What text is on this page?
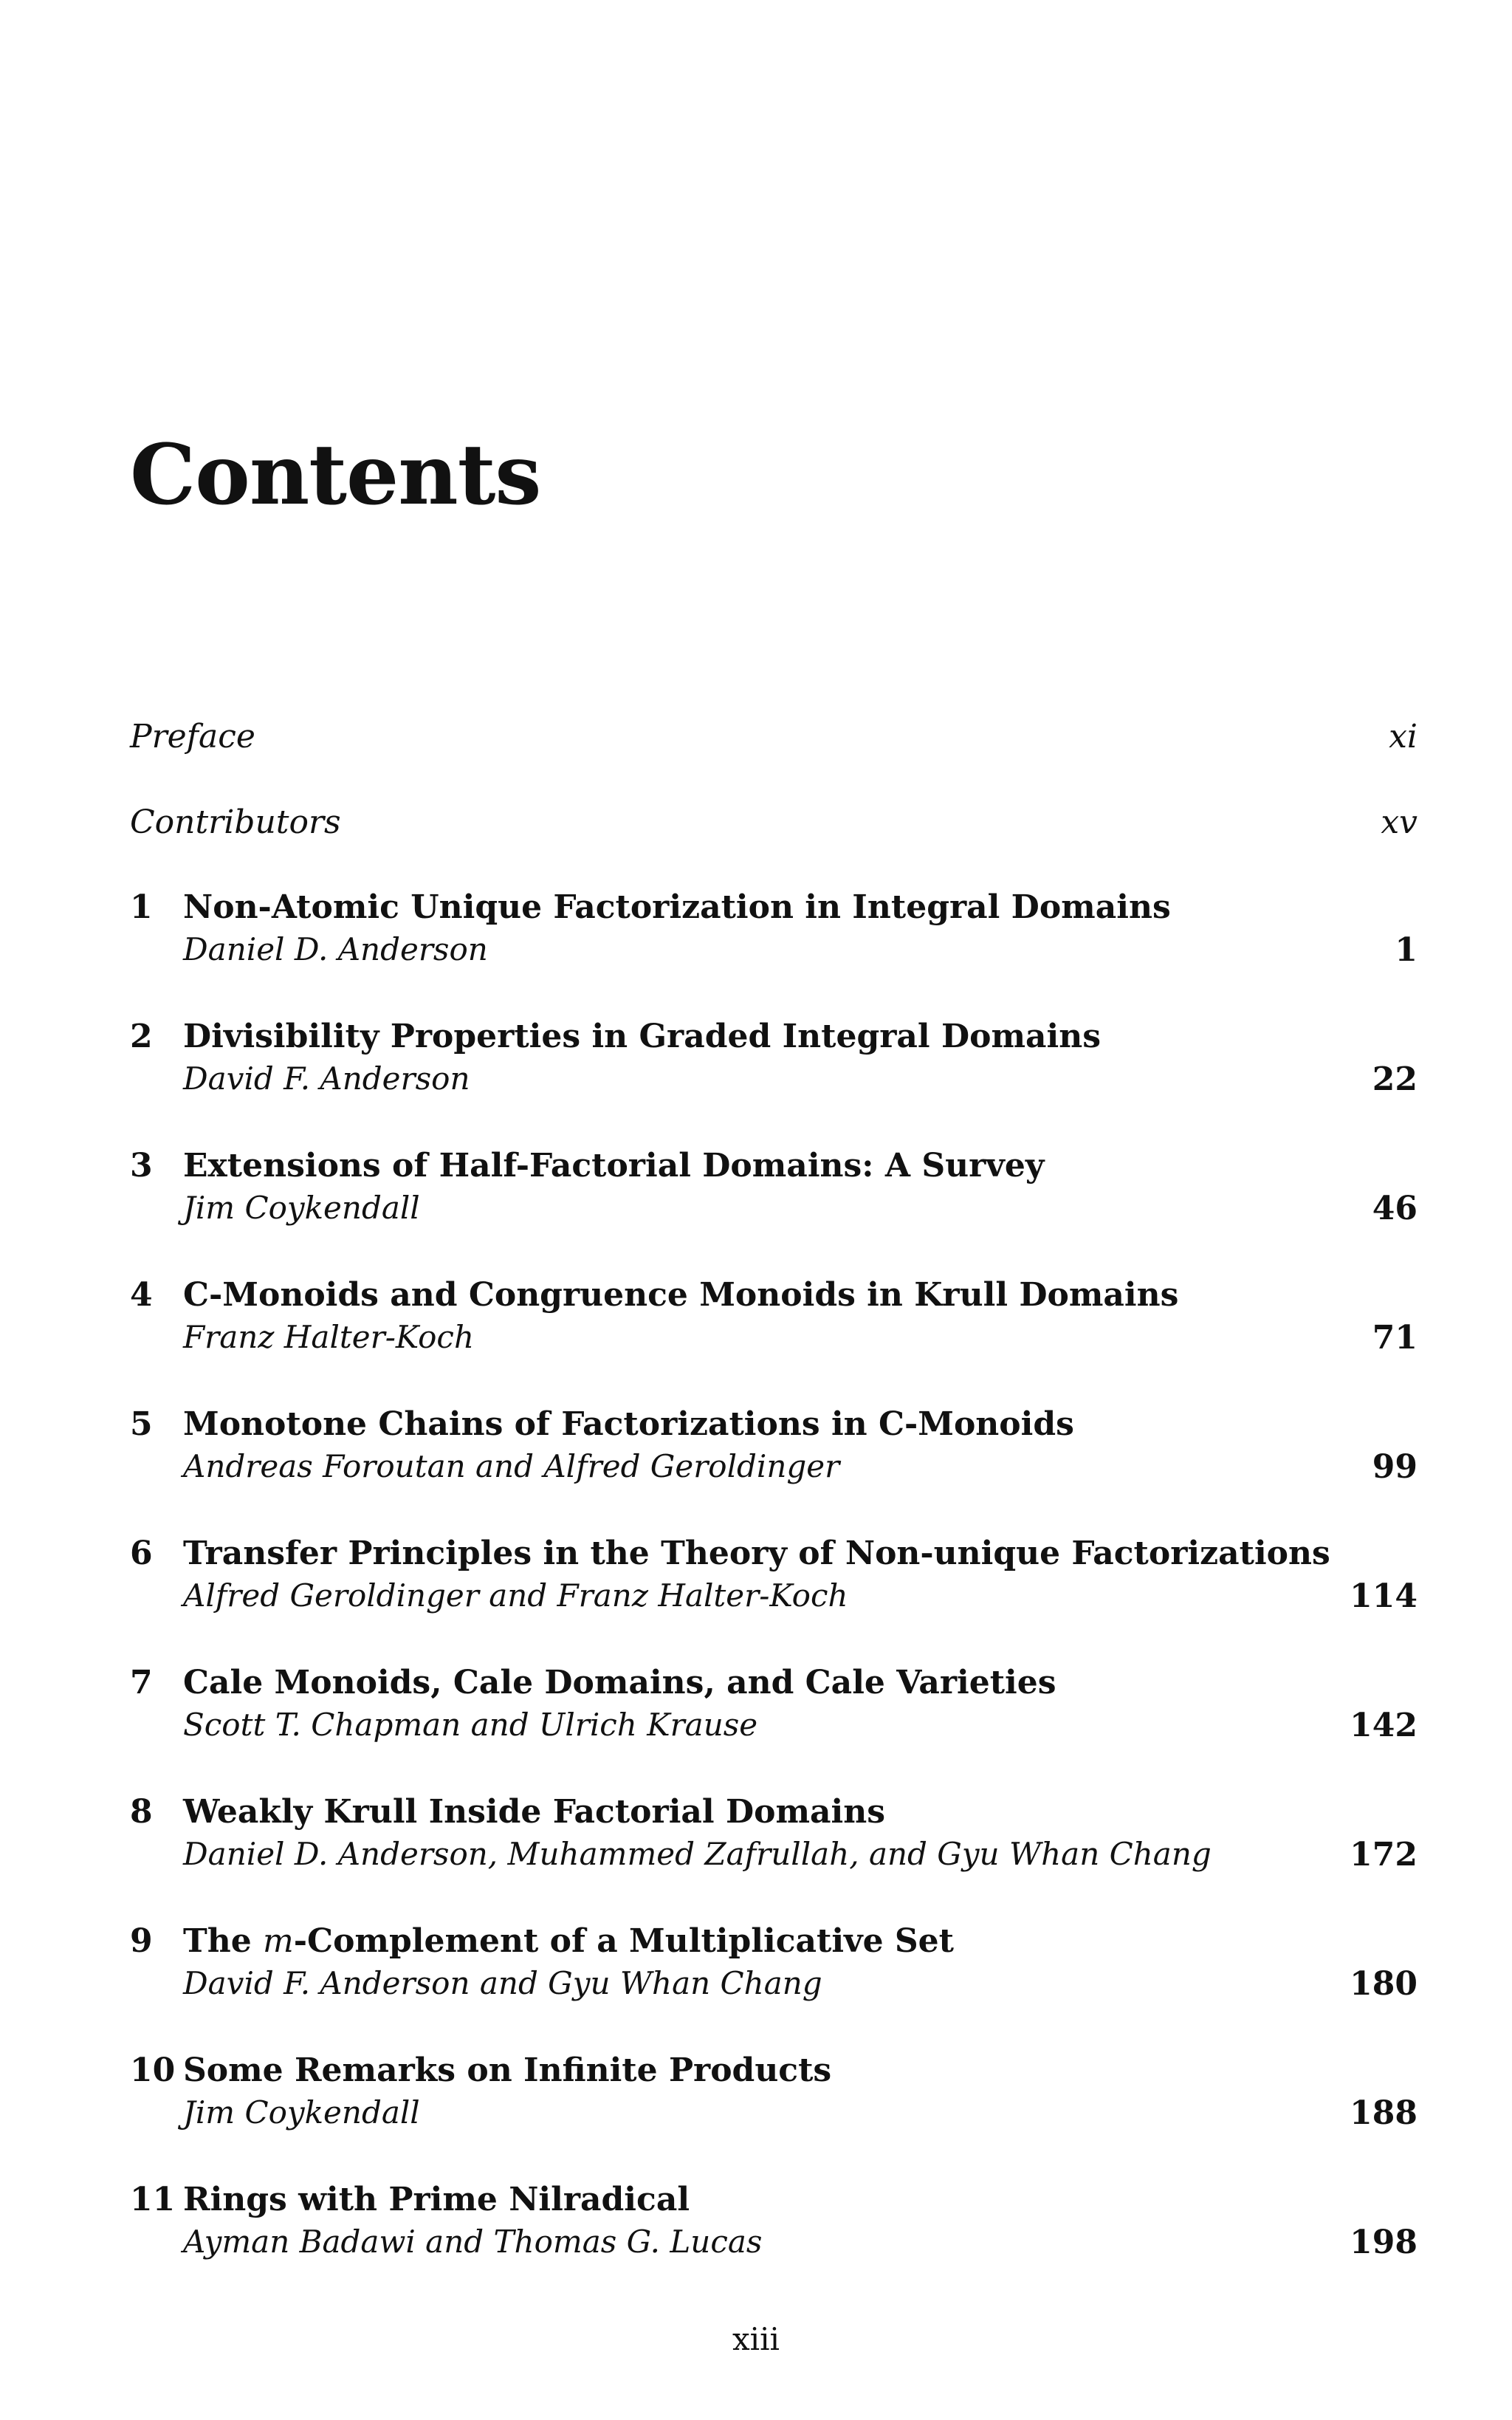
Contents
Preface	xi
Contributors	xv
1 Non-Atomic Unique Factorization in Integral Domains
Daniel D. Anderson	1
2 Divisibility Properties in Graded Integral Domains
David F. Anderson	22
3 Extensions of Half-Factorial Domains: A Survey
Jim Coykendall	46
4 C-Monoids and Congruence Monoids in Krull Domains
Franz Halter-Koch	71
5 Monotone Chains of Factorizations in C-Monoids
Andreas Foroutan and Alfred Geroldinger	99
6 Transfer Principles in the Theory of Non-unique Factorizations
Alfred Geroldinger and Franz Halter-Koch	114
7 Cale Monoids, Cale Domains, and Cale Varieties
Scott T. Chapman and Ulrich Krause	142
8 Weakly Krull Inside Factorial Domains
Daniel D. Anderson, Muhammed Zafrullah, and Gyu Whan Chang	172
9 The m-Complement of a Multiplicative Set
David F. Anderson and Gyu Whan Chang	180
10 Some Remarks on Infinite Products
Jim Coykendall	188
11 Rings with Prime Nilradical
Ayman Badawi and Thomas G. Lucas	198
xiii
